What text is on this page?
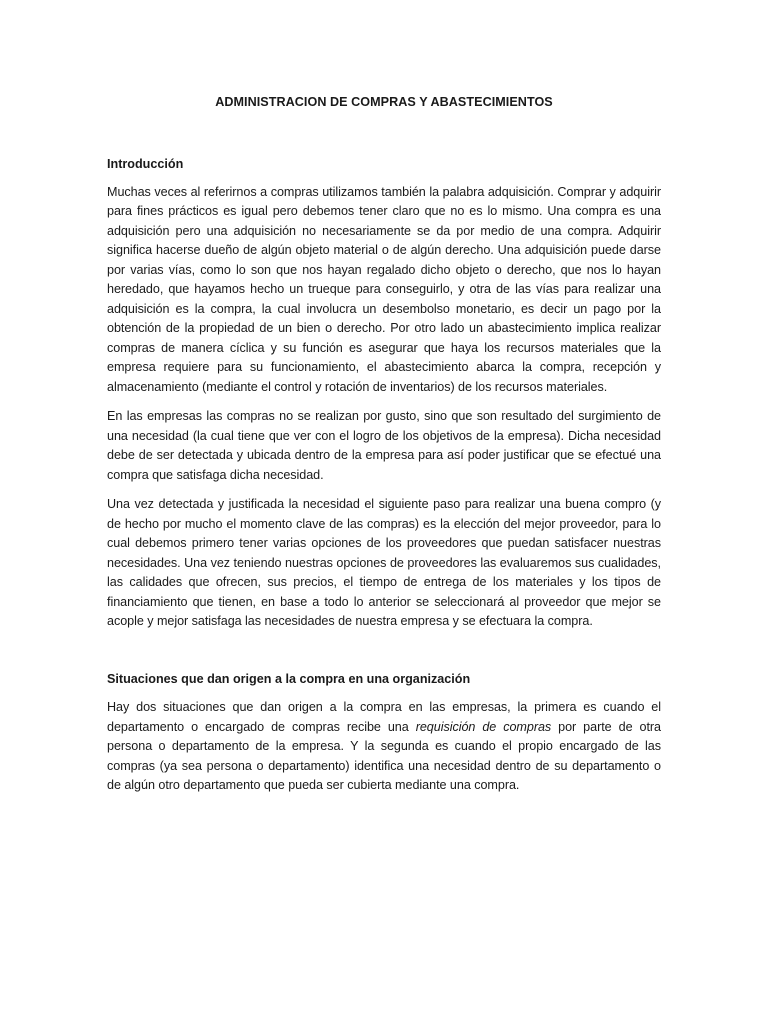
ADMINISTRACION DE COMPRAS Y ABASTECIMIENTOS
Introducción

Muchas veces al referirnos a compras utilizamos también la palabra adquisición. Comprar y adquirir para fines prácticos es igual pero debemos tener claro que no es lo mismo. Una compra es una adquisición pero una adquisición no necesariamente se da por medio de una compra. Adquirir significa hacerse dueño de algún objeto material o de algún derecho. Una adquisición puede darse por varias vías, como lo son que nos hayan regalado dicho objeto o derecho, que nos lo hayan heredado, que hayamos hecho un trueque para conseguirlo, y otra de las vías para realizar una adquisición es la compra, la cual involucra un desembolso monetario, es decir un pago por la obtención de la propiedad de un bien o derecho. Por otro lado un abastecimiento implica realizar compras de manera cíclica y su función es asegurar que haya los recursos materiales que la empresa requiere para su funcionamiento, el abastecimiento abarca la compra, recepción y almacenamiento (mediante el control y rotación de inventarios) de los recursos materiales.

En las empresas las compras no se realizan por gusto, sino que son resultado del surgimiento de una necesidad (la cual tiene que ver con el logro de los objetivos de la empresa). Dicha necesidad debe de ser detectada y ubicada dentro de la empresa para así poder justificar que se efectué una compra que satisfaga dicha necesidad.

Una vez detectada y justificada la necesidad el siguiente paso para realizar una buena compro (y de hecho por mucho el momento clave de las compras) es la elección del mejor proveedor, para lo cual debemos primero tener varias opciones de los proveedores que puedan satisfacer nuestras necesidades. Una vez teniendo nuestras opciones de proveedores las evaluaremos sus cualidades, las calidades que ofrecen, sus precios, el tiempo de entrega de los materiales y los tipos de financiamiento que tienen, en base a todo lo anterior se seleccionará al proveedor que mejor se acople y mejor satisfaga las necesidades de nuestra empresa y se efectuara la compra.

Situaciones que dan origen a la compra en una organización

Hay dos situaciones que dan origen a la compra en las empresas, la primera es cuando el departamento o encargado de compras recibe una requisición de compras por parte de otra persona o departamento de la empresa. Y la segunda es cuando el propio encargado de las compras (ya sea persona o departamento) identifica una necesidad dentro de su departamento o de algún otro departamento que pueda ser cubierta mediante una compra.
